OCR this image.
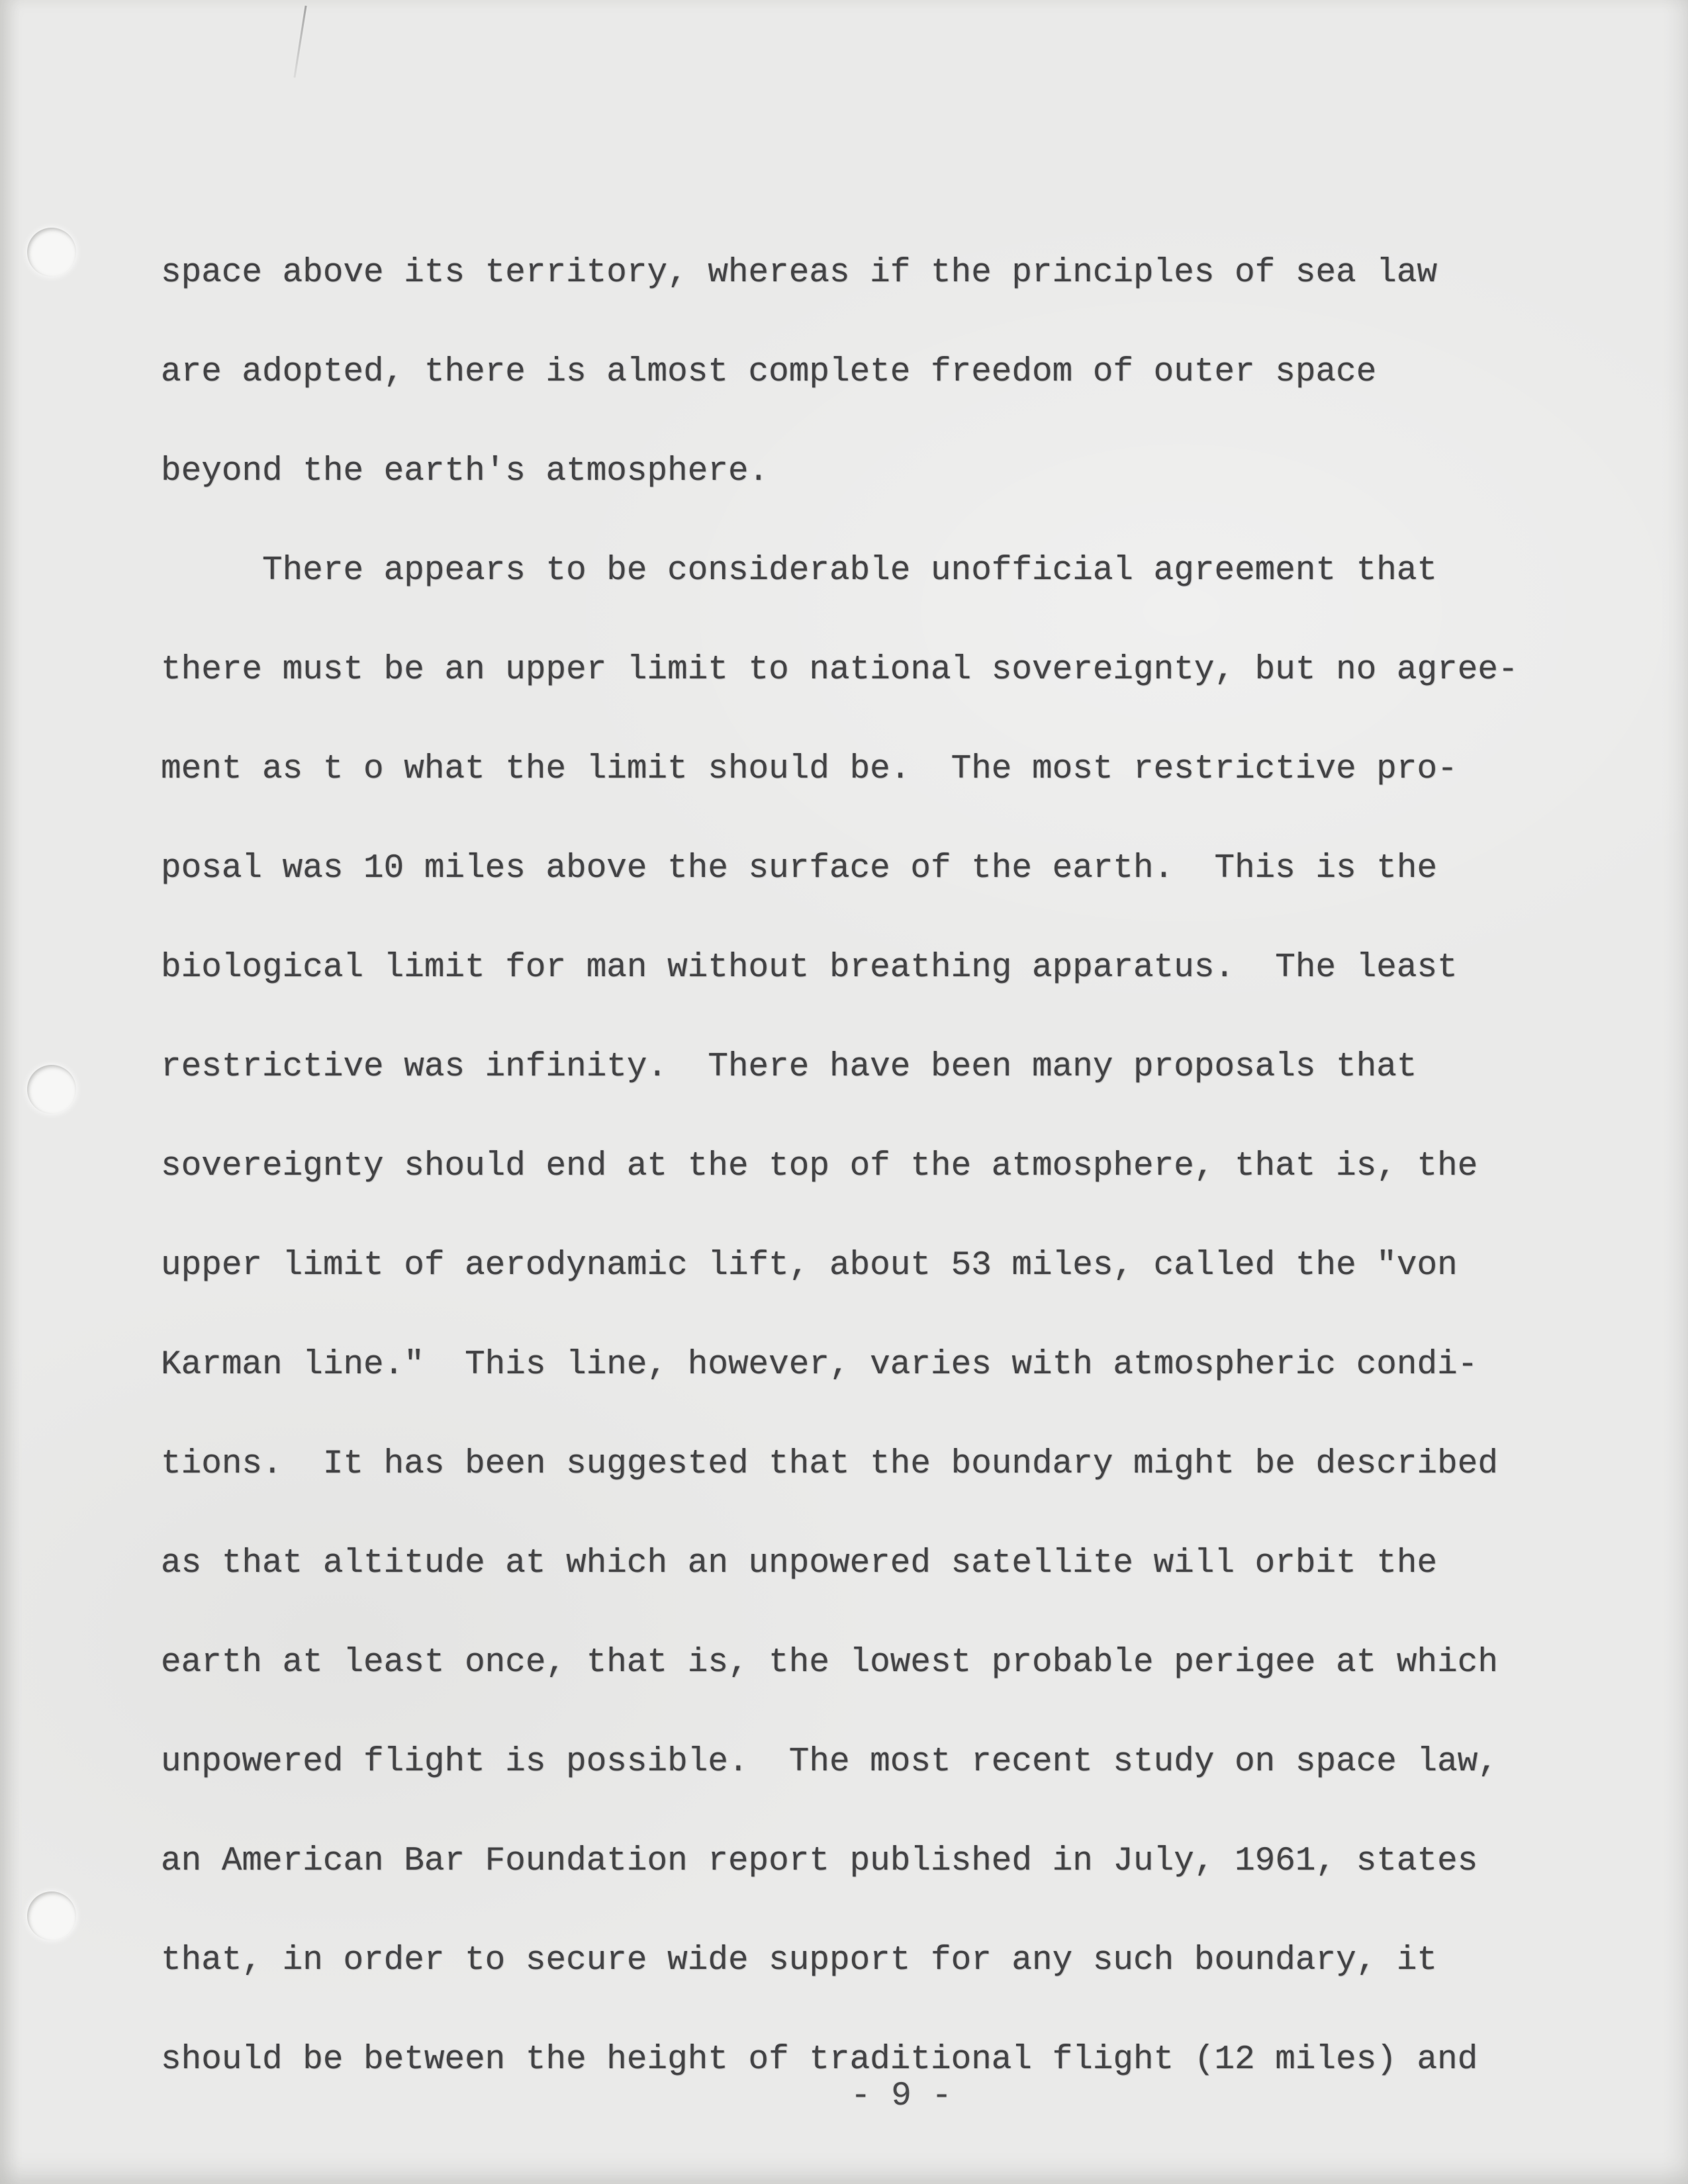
space above its territory, whereas if the principles of sea law
are adopted, there is almost complete freedom of outer space
beyond the earth's atmosphere.
There appears to be considerable unofficial agreement that
there must be an upper limit to national sovereignty, but no agree-
ment as t o what the limit should be.  The most restrictive pro-
posal was 10 miles above the surface of the earth.  This is the
biological limit for man without breathing apparatus.  The least
restrictive was infinity.  There have been many proposals that
sovereignty should end at the top of the atmosphere, that is, the
upper limit of aerodynamic lift, about 53 miles, called the "von
Karman line."  This line, however, varies with atmospheric condi-
tions.  It has been suggested that the boundary might be described
as that altitude at which an unpowered satellite will orbit the
earth at least once, that is, the lowest probable perigee at which
unpowered flight is possible.  The most recent study on space law,
an American Bar Foundation report published in July, 1961, states
that, in order to secure wide support for any such boundary, it
should be between the height of traditional flight (12 miles) and
- 9 -
